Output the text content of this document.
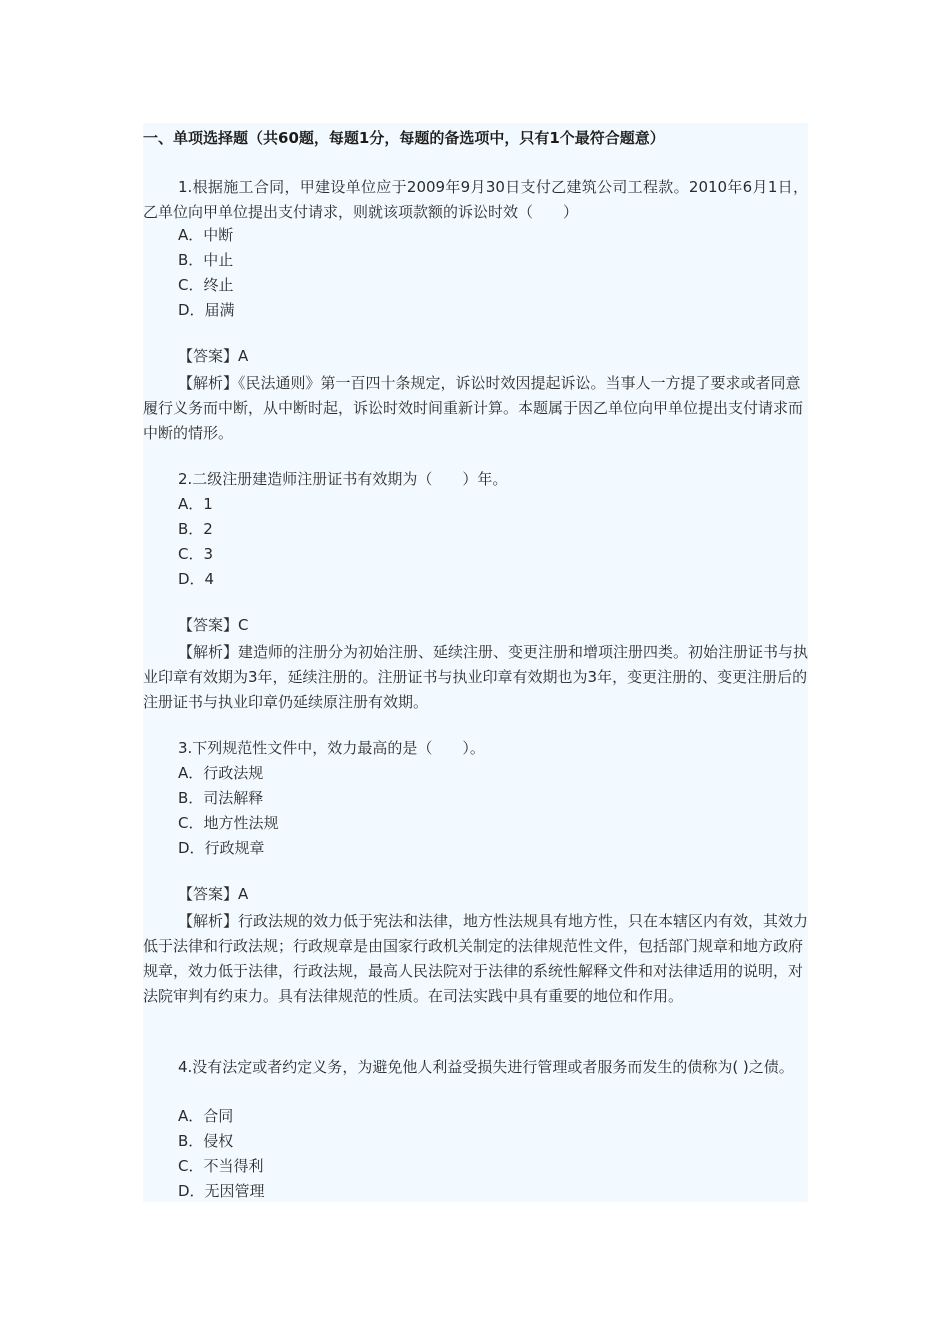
一、单项选择题（共60题，每题1分，每题的备选项中，只有1个最符合题意）
1.根据施工合同，甲建设单位应于2009年9月30日支付乙建筑公司工程款。2010年6月1日，乙单位向甲单位提出支付请求，则就该项款额的诉讼时效（　　）
A．中断
B．中止
C．终止
D．届满
【答案】A
【解析】《民法通则》第一百四十条规定，诉讼时效因提起诉讼。当事人一方提了要求或者同意履行义务而中断，从中断时起，诉讼时效时间重新计算。本题属于因乙单位向甲单位提出支付请求而中断的情形。
2.二级注册建造师注册证书有效期为（　　）年。
A．1
B．2
C．3
D．4
【答案】C
【解析】建造师的注册分为初始注册、延续注册、变更注册和增项注册四类。初始注册证书与执业印章有效期为3年，延续注册的。注册证书与执业印章有效期也为3年，变更注册的、变更注册后的注册证书与执业印章仍延续原注册有效期。
3.下列规范性文件中，效力最高的是（　　）。
A．行政法规
B．司法解释
C．地方性法规
D．行政规章
【答案】A
【解析】行政法规的效力低于宪法和法律，地方性法规具有地方性，只在本辖区内有效，其效力低于法律和行政法规；行政规章是由国家行政机关制定的法律规范性文件，包括部门规章和地方政府规章，效力低于法律，行政法规，最高人民法院对于法律的系统性解释文件和对法律适用的说明，对法院审判有约束力。具有法律规范的性质。在司法实践中具有重要的地位和作用。
4.没有法定或者约定义务，为避免他人利益受损失进行管理或者服务而发生的债称为( )之债。
A．合同
B．侵权
C．不当得利
D．无因管理
